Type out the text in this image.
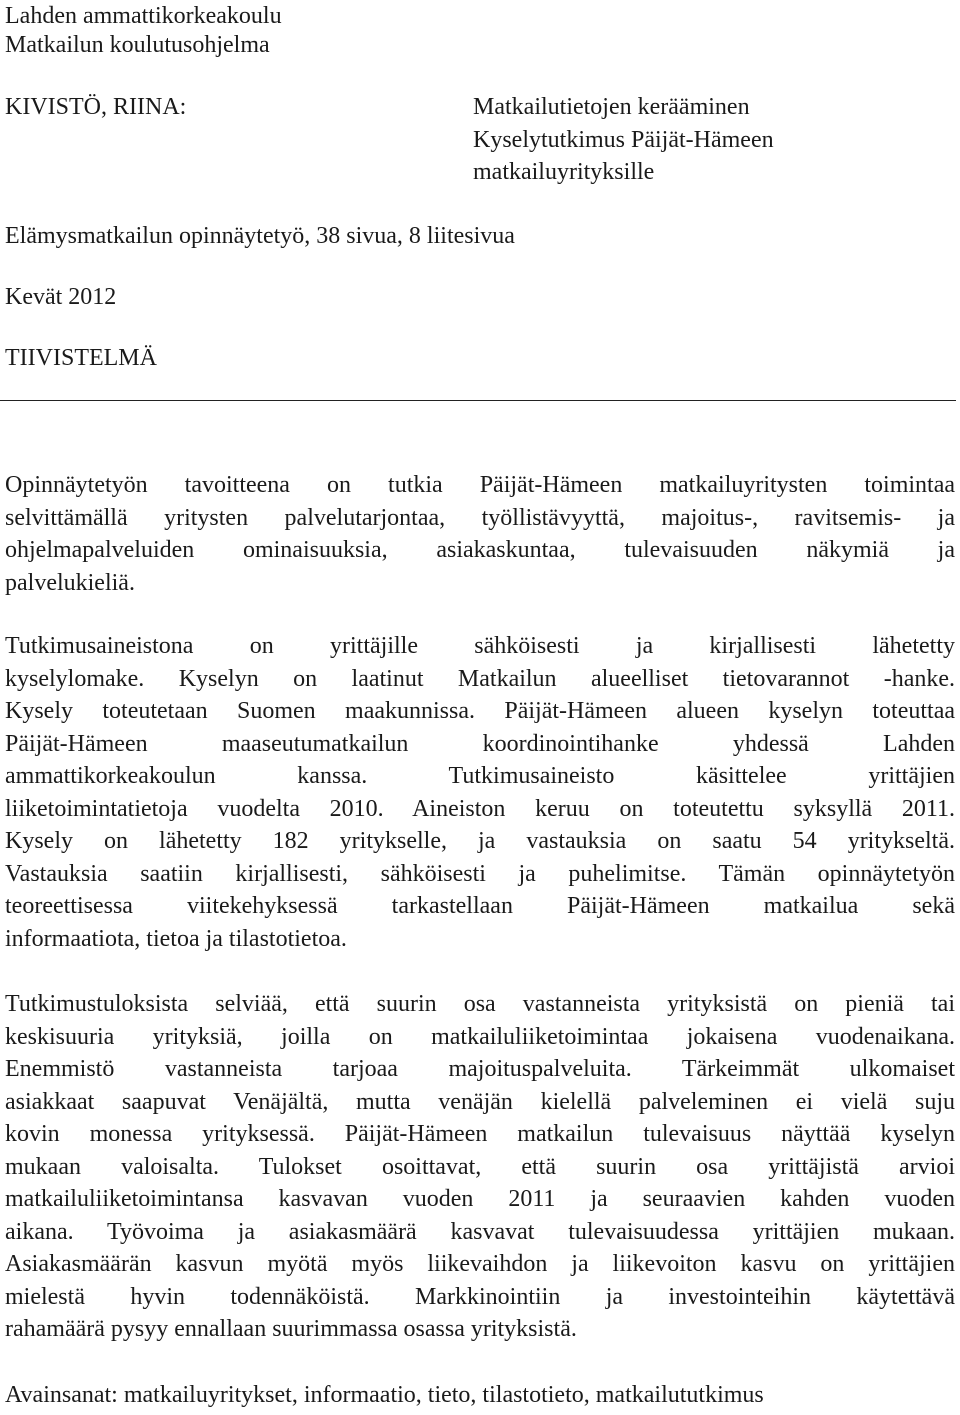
Lahden ammattikorkeakoulu
Matkailun koulutusohjelma
KIVISTÖ, RIINA:	Matkailutietojen kerääminen
Kyselytutkimus Päijät-Hämeen
matkailuyrityksille
Elämysmatkailun opinnäytetyö, 38 sivua, 8 liitesivua
Kevät 2012
TIIVISTELMÄ
Opinnäytetyön tavoitteena on tutkia Päijät-Hämeen matkailuyritysten toimintaa
selvittämällä yritysten palvelutarjontaa, työllistävyyttä, majoitus-, ravitsemis- ja
ohjelmapalveluiden ominaisuuksia, asiakaskuntaa, tulevaisuuden näkymiä ja
palvelukieliä.
Tutkimusaineistona on yrittäjille sähköisesti ja kirjallisesti lähetetty
kyselylomake. Kyselyn on laatinut Matkailun alueelliset tietovarannot -hanke.
Kysely toteutetaan Suomen maakunnissa. Päijät-Hämeen alueen kyselyn toteuttaa
Päijät-Hämeen maaseutumatkailun koordinointihanke yhdessä Lahden
ammattikorkeakoulun kanssa. Tutkimusaineisto käsittelee yrittäjien
liiketoimintatietoja vuodelta 2010. Aineiston keruu on toteutettu syksyllä 2011.
Kysely on lähetetty 182 yritykselle, ja vastauksia on saatu 54 yritykseltä.
Vastauksia saatiin kirjallisesti, sähköisesti ja puhelimitse. Tämän opinnäytetyön
teoreettisessa viitekehyksessä tarkastellaan Päijät-Hämeen matkailua sekä
informaatiota, tietoa ja tilastotietoa.
Tutkimustuloksista selviää, että suurin osa vastanneista yrityksistä on pieniä tai
keskisuuria yrityksiä, joilla on matkailuliiketoimintaa jokaisena vuodenaikana.
Enemmistö vastanneista tarjoaa majoituspalveluita. Tärkeimmät ulkomaiset
asiakkaat saapuvat Venäjältä, mutta venäjän kielellä palveleminen ei vielä suju
kovin monessa yrityksessä. Päijät-Hämeen matkailun tulevaisuus näyttää kyselyn
mukaan valoisalta. Tulokset osoittavat, että suurin osa yrittäjistä arvioi
matkailuliiketoimintansa kasvavan vuoden 2011 ja seuraavien kahden vuoden
aikana. Työvoima ja asiakasmäärä kasvavat tulevaisuudessa yrittäjien mukaan.
Asiakasmäärän kasvun myötä myös liikevaihdon ja liikevoiton kasvu on yrittäjien
mielestä hyvin todennäköistä. Markkinointiin ja investointeihin käytettävä
rahamäärä pysyy ennallaan suurimmassa osassa yrityksistä.
Avainsanat: matkailuyritykset, informaatio, tieto, tilastotieto, matkailututkimus
